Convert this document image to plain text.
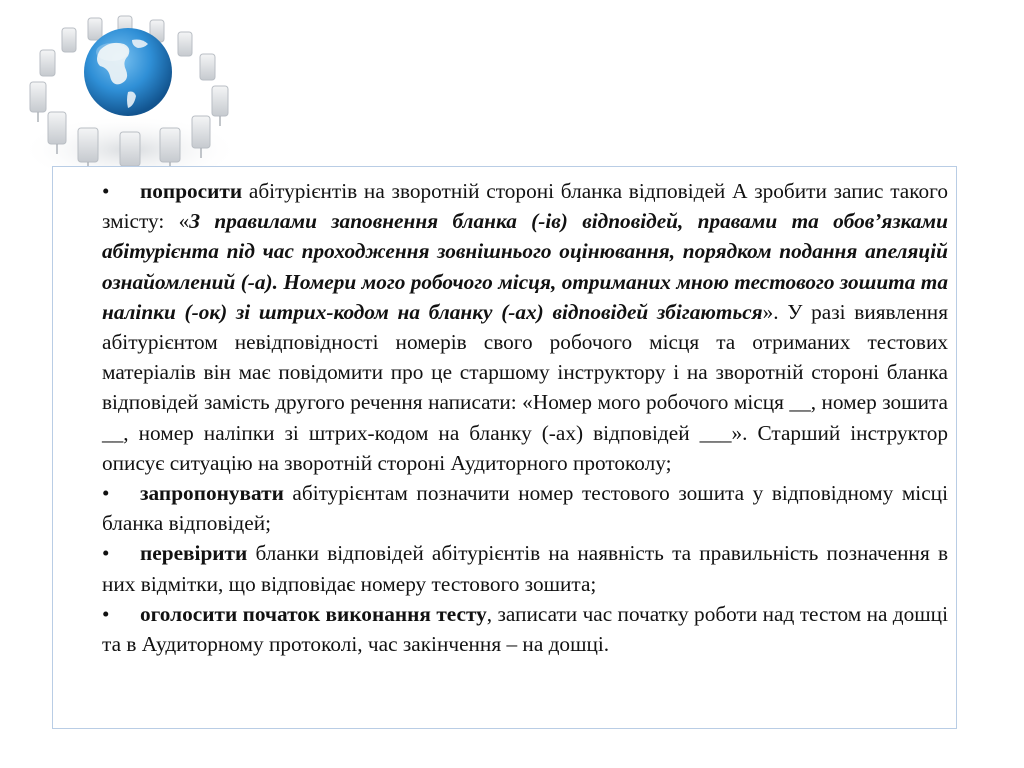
• попросити абітурієнтів на зворотній стороні бланка відповідей А зробити запис такого змісту: «З правилами заповнення бланка (-ів) відповідей, правами та обов’язками абітурієнта під час проходження зовнішнього оцінювання, порядком подання апеляцій ознайомлений (-а). Номери мого робочого місця, отриманих мною тестового зошита та наліпки (-ок) зі штрих-кодом на бланку (-ах) відповідей збігаються». У разі виявлення абітурієнтом невідповідності номерів свого робочого місця та отриманих тестових матеріалів він має повідомити про це старшому інструктору і на зворотній стороні бланка відповідей замість другого речення написати: «Номер мого робочого місця __, номер зошита __, номер наліпки зі штрих-кодом на бланку (-ах) відповідей ___». Старший інструктор описує ситуацію на зворотній стороні Аудиторного протоколу;

• запропонувати абітурієнтам позначити номер тестового зошита у відповідному місці бланка відповідей;

• перевірити бланки відповідей абітурієнтів на наявність та правильність позначення в них відмітки, що відповідає номеру тестового зошита;

• оголосити початок виконання тесту, записати час початку роботи над тестом на дошці та в Аудиторному протоколі, час закінчення – на дошці.
